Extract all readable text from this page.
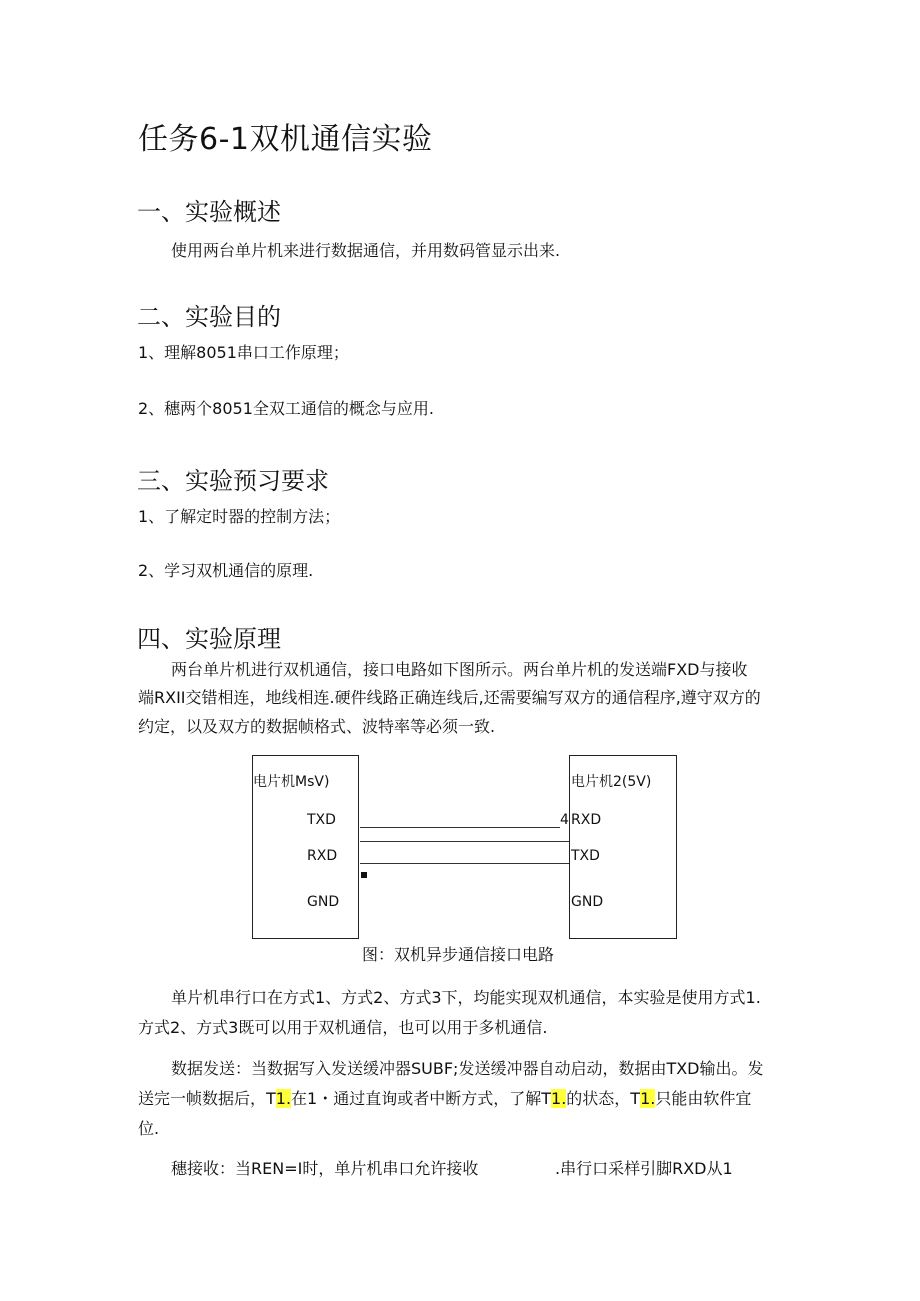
任务6-1双机通信实验
一、实验概述
使用两台单片机来进行数据通信，并用数码管显示出来.
二、实验目的
1、理解8051串口工作原理；
2、穗两个8051全双工通信的概念与应用.
三、实验预习要求
1、了解定时器的控制方法；
2、学习双机通信的原理.
四、实验原理
两台单片机进行双机通信，接口电路如下图所示。两台单片机的发送端FXD与接收
端RXII交错相连，地线相连.硬件线路正确连线后,还需要编写双方的通信程序,遵守双方的
约定，以及双方的数据帧格式、波特率等必须一致.
电片机MsV)	电片机2(5V)
TXD
RXD
GND
4 RXD
TXD
GND
图：双机异步通信接口电路
单片机串行口在方式1、方式2、方式3下，均能实现双机通信，本实验是使用方式1.
方式2、方式3既可以用于双机通信，也可以用于多机通信.
数据发送：当数据写入发送缓冲器SUBF;发送缓冲器自动启动，数据由TXD输出。发
送完一帧数据后，T1.在1・通过直询或者中断方式，了解T1.的状态，T1.只能由软件宜
位.
穗接收：当REN=I时，单片机串口允许接收	.串行口采样引脚RXD从1
